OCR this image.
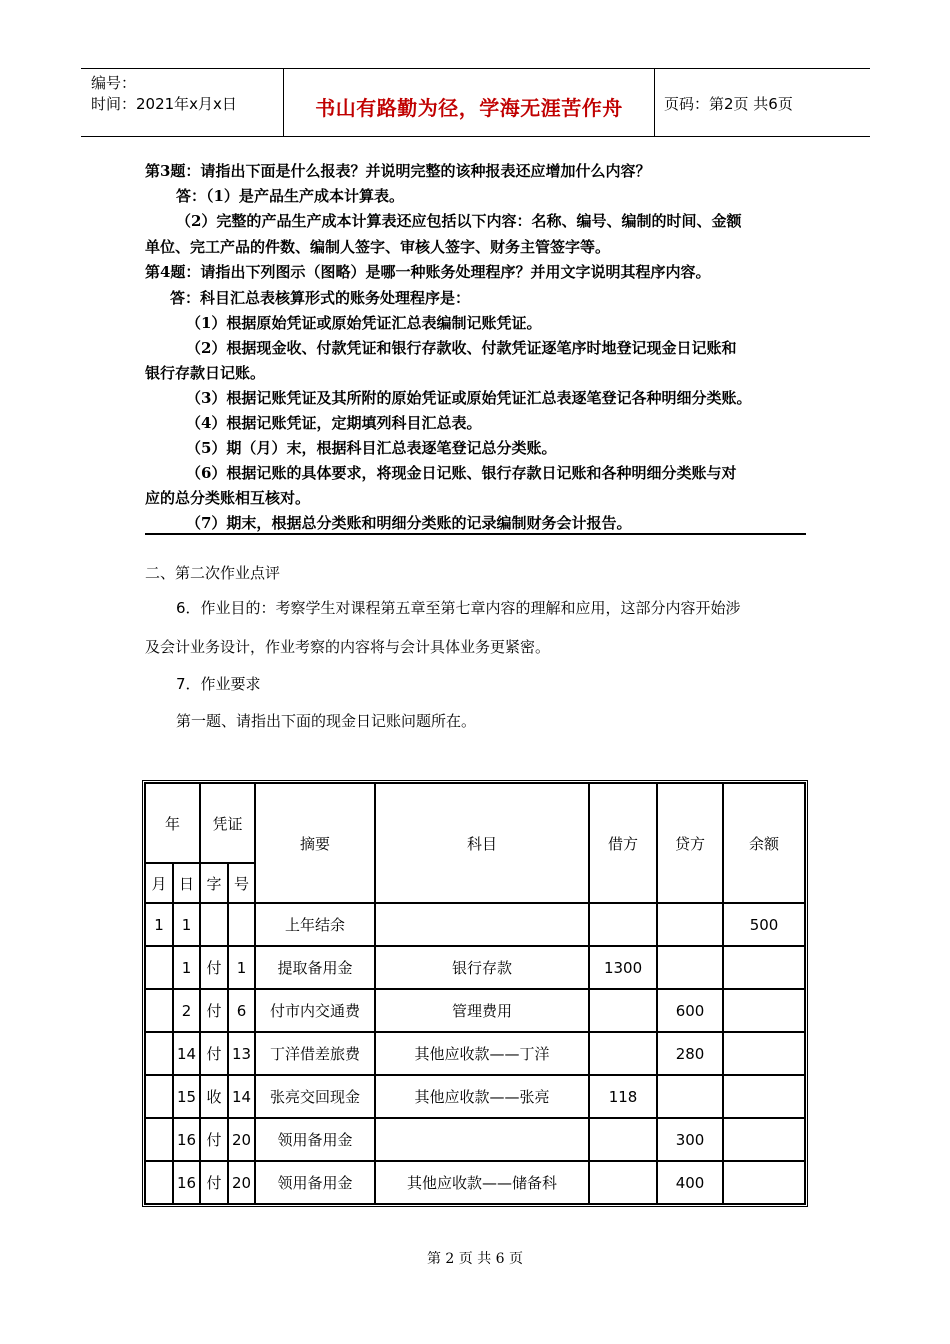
编号：
时间：2021年x月x日	书山有路勤为径，学海无涯苦作舟	页码：第2页 共6页
第3题：请指出下面是什么报表？并说明完整的该种报表还应增加什么内容？
答：（1）是产品生产成本计算表。
（2）完整的产品生产成本计算表还应包括以下内容：名称、编号、编制的时间、金额
单位、完工产品的件数、编制人签字、审核人签字、财务主管签字等。
第4题：请指出下列图示（图略）是哪一种账务处理程序？并用文字说明其程序内容。
答：科目汇总表核算形式的账务处理程序是：
（1）根据原始凭证或原始凭证汇总表编制记账凭证。
（2）根据现金收、付款凭证和银行存款收、付款凭证逐笔序时地登记现金日记账和
银行存款日记账。
（3）根据记账凭证及其所附的原始凭证或原始凭证汇总表逐笔登记各种明细分类账。
（4）根据记账凭证，定期填列科目汇总表。
（5）期（月）末，根据科目汇总表逐笔登记总分类账。
（6）根据记账的具体要求，将现金日记账、银行存款日记账和各种明细分类账与对
应的总分类账相互核对。
（7）期末，根据总分类账和明细分类账的记录编制财务会计报告。
二、第二次作业点评
6．作业目的：考察学生对课程第五章至第七章内容的理解和应用，这部分内容开始涉
及会计业务设计，作业考察的内容将与会计具体业务更紧密。
7．作业要求
第一题、请指出下面的现金日记账问题所在。
年		凭证		摘要	科目	借方	贷方	余额
月	日	字	号					
1	1			上年结余				500
	1	付	1	提取备用金	银行存款	1300		
	2	付	6	付市内交通费	管理费用		600	
	14	付	13	丁洋借差旅费	其他应收款——丁洋		280	
	15	收	14	张亮交回现金	其他应收款——张亮	118		
	16	付	20	领用备用金			300	
	16	付	20	领用备用金	其他应收款——储备科		400	
第 2 页 共 6 页
